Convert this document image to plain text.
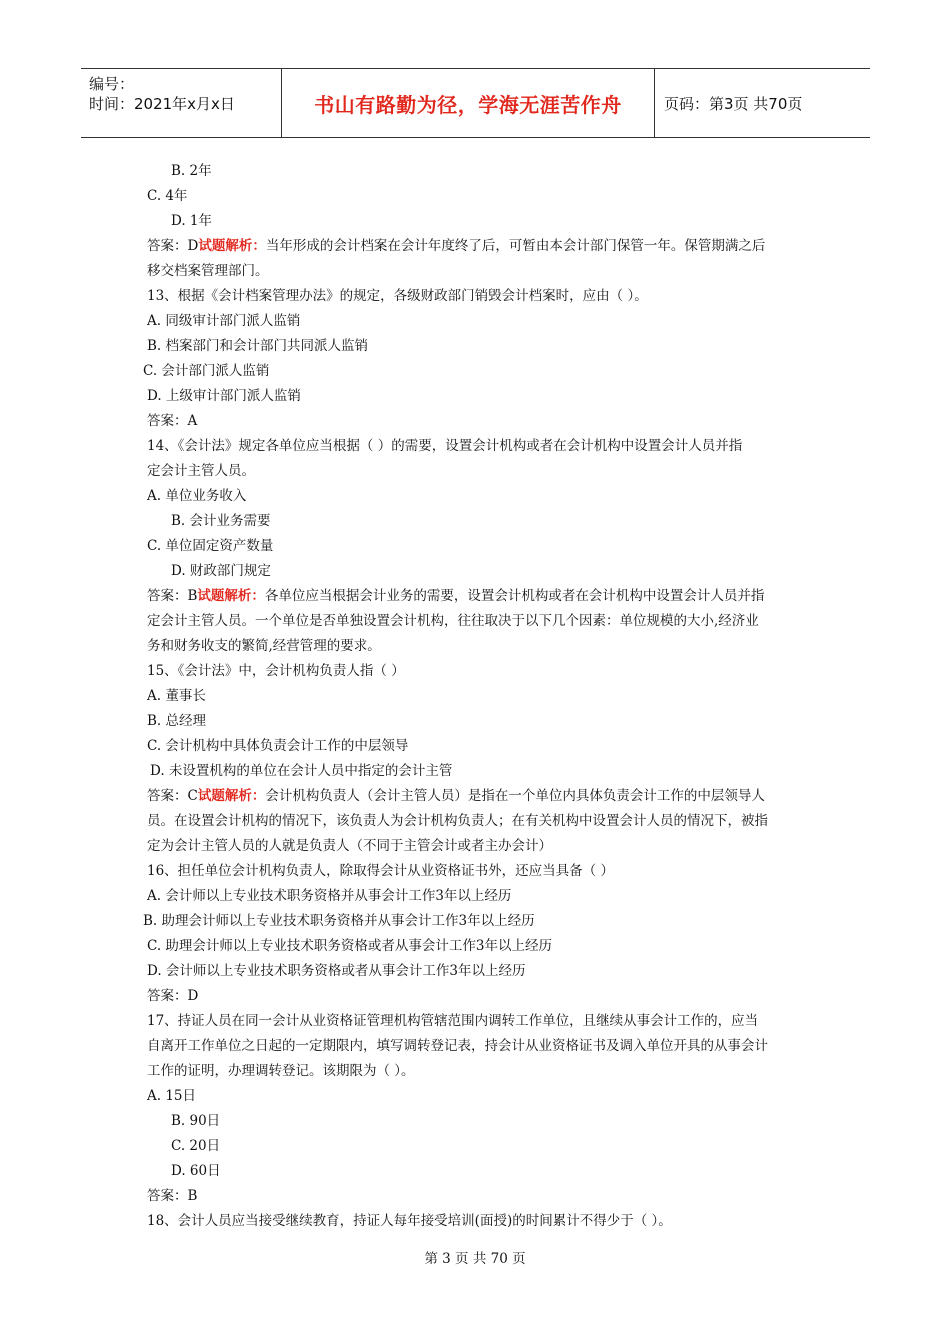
编号：
时间：2021年x月x日	书山有路勤为径，学海无涯苦作舟	页码：第3页 共70页
B. 2年
C. 4年
D. 1年
答案：D试题解析：当年形成的会计档案在会计年度终了后，可暂由本会计部门保管一年。保管期满之后
移交档案管理部门。
13、根据《会计档案管理办法》的规定，各级财政部门销毁会计档案时，应由（ ）。
A. 同级审计部门派人监销
B. 档案部门和会计部门共同派人监销
C. 会计部门派人监销
D. 上级审计部门派人监销
答案：A
14、《会计法》规定各单位应当根据（ ）的需要，设置会计机构或者在会计机构中设置会计人员并指
定会计主管人员。
A. 单位业务收入
B. 会计业务需要
C. 单位固定资产数量
D. 财政部门规定
答案：B试题解析：各单位应当根据会计业务的需要，设置会计机构或者在会计机构中设置会计人员并指
定会计主管人员。一个单位是否单独设置会计机构，往往取决于以下几个因素：单位规模的大小,经济业
务和财务收支的繁简,经营管理的要求。
15、《会计法》中，会计机构负责人指（ ）
A. 董事长
B. 总经理
C. 会计机构中具体负责会计工作的中层领导
D. 未设置机构的单位在会计人员中指定的会计主管
答案：C试题解析：会计机构负责人（会计主管人员）是指在一个单位内具体负责会计工作的中层领导人
员。在设置会计机构的情况下，该负责人为会计机构负责人；在有关机构中设置会计人员的情况下，被指
定为会计主管人员的人就是负责人（不同于主管会计或者主办会计）
16、担任单位会计机构负责人，除取得会计从业资格证书外，还应当具备（ ）
A. 会计师以上专业技术职务资格并从事会计工作3年以上经历
B. 助理会计师以上专业技术职务资格并从事会计工作3年以上经历
C. 助理会计师以上专业技术职务资格或者从事会计工作3年以上经历
D. 会计师以上专业技术职务资格或者从事会计工作3年以上经历
答案：D
17、持证人员在同一会计从业资格证管理机构管辖范围内调转工作单位，且继续从事会计工作的，应当
自离开工作单位之日起的一定期限内，填写调转登记表，持会计从业资格证书及调入单位开具的从事会计
工作的证明，办理调转登记。该期限为（ ）。
A. 15日
B. 90日
C. 20日
D. 60日
答案：B
18、会计人员应当接受继续教育，持证人每年接受培训(面授)的时间累计不得少于（ ）。
第 3 页 共 70 页
